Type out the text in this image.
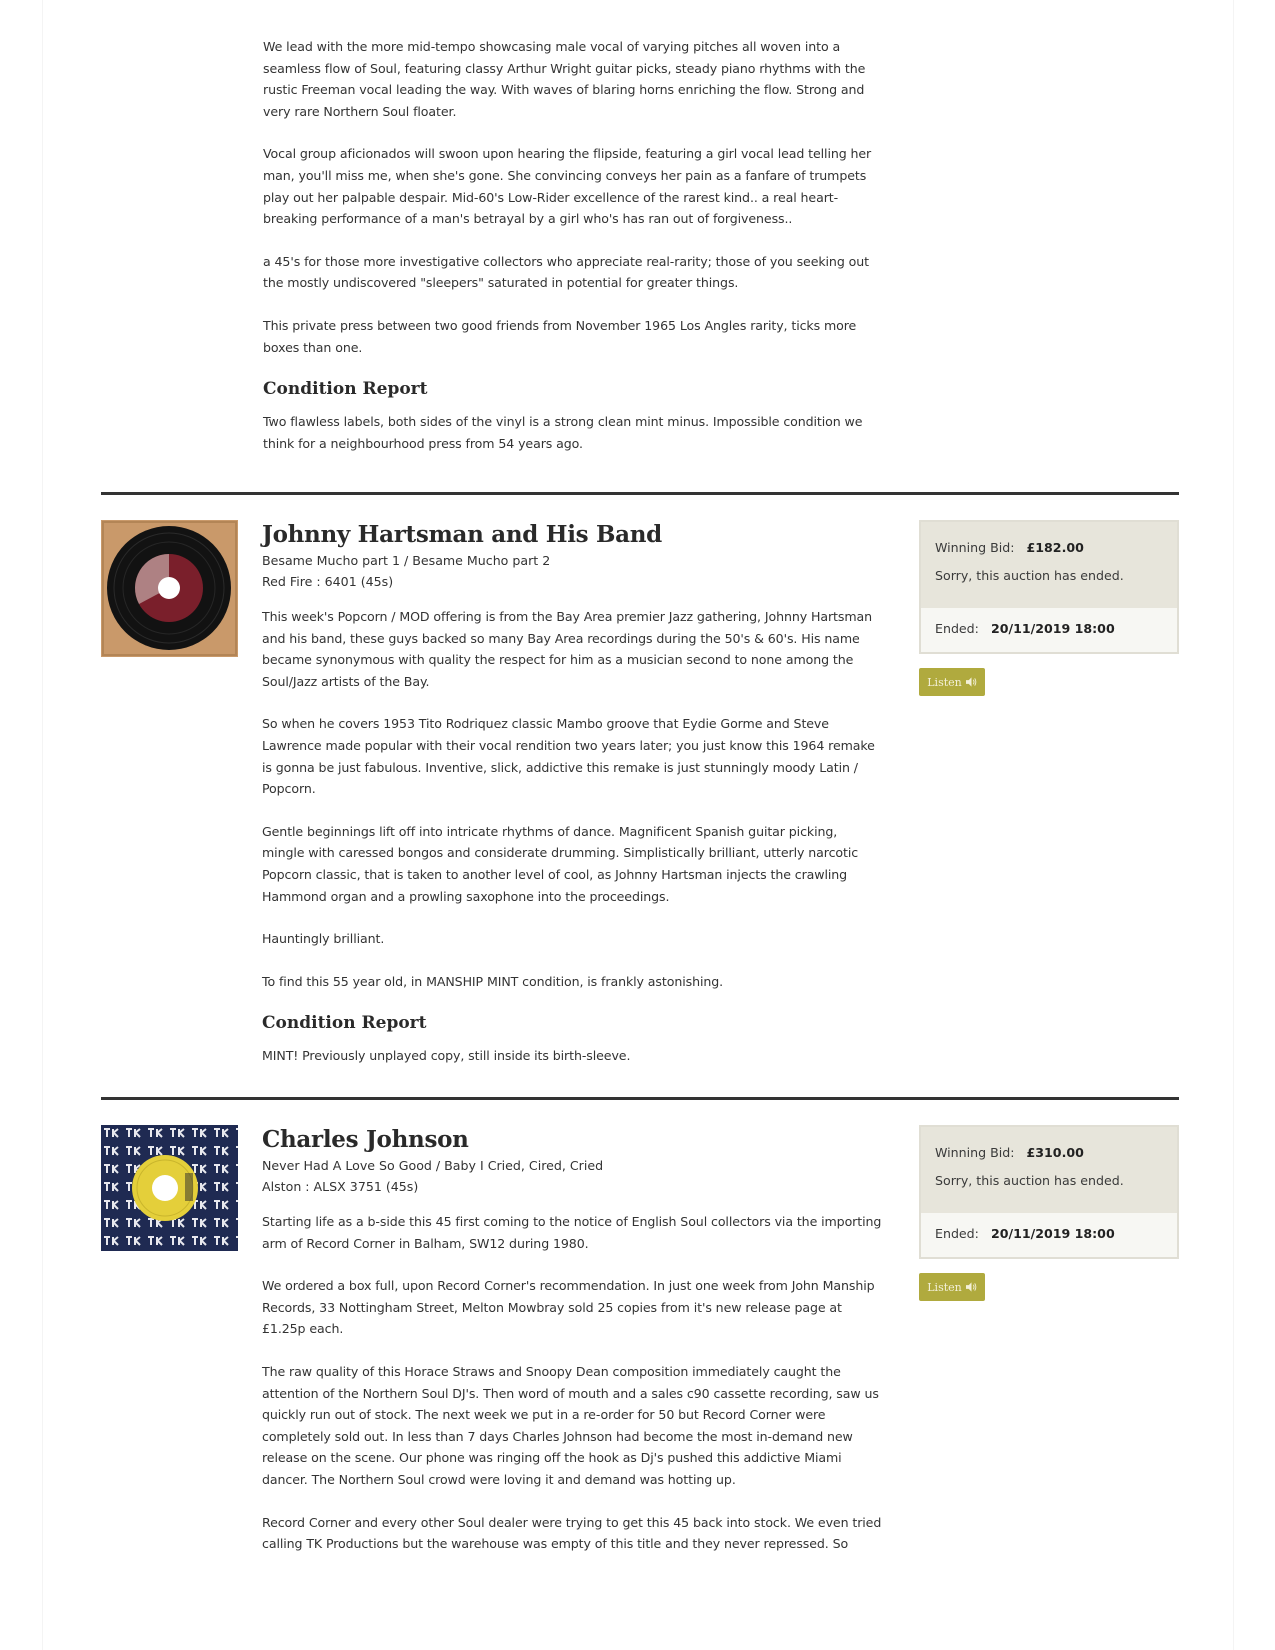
We lead with the more mid-tempo showcasing male vocal of varying pitches all woven into a seamless flow of Soul, featuring classy Arthur Wright guitar picks, steady piano rhythms with the rustic Freeman vocal leading the way. With waves of blaring horns enriching the flow. Strong and very rare Northern Soul floater.

Vocal group aficionados will swoon upon hearing the flipside, featuring a girl vocal lead telling her man, you'll miss me, when she's gone. She convincing conveys her pain as a fanfare of trumpets play out her palpable despair. Mid-60's Low-Rider excellence of the rarest kind.. a real heart-breaking performance of a man's betrayal by a girl who's has ran out of forgiveness..

a 45's for those more investigative collectors who appreciate real-rarity; those of you seeking out the mostly undiscovered "sleepers" saturated in potential for greater things.

This private press between two good friends from November 1965 Los Angles rarity, ticks more boxes than one.

Condition Report

Two flawless labels, both sides of the vinyl is a strong clean mint minus. Impossible condition we think for a neighbourhood press from 54 years ago.

Johnny Hartsman and His Band
Besame Mucho part 1 / Besame Mucho part 2
Red Fire : 6401 (45s)

This week's Popcorn / MOD offering is from the Bay Area premier Jazz gathering, Johnny Hartsman and his band, these guys backed so many Bay Area recordings during the 50's & 60's. His name became synonymous with quality the respect for him as a musician second to none among the Soul/Jazz artists of the Bay.

So when he covers 1953 Tito Rodriquez classic Mambo groove that Eydie Gorme and Steve Lawrence made popular with their vocal rendition two years later; you just know this 1964 remake is gonna be just fabulous. Inventive, slick, addictive this remake is just stunningly moody Latin / Popcorn.

Gentle beginnings lift off into intricate rhythms of dance. Magnificent Spanish guitar picking, mingle with caressed bongos and considerate drumming. Simplistically brilliant, utterly narcotic Popcorn classic, that is taken to another level of cool, as Johnny Hartsman injects the crawling Hammond organ and a prowling saxophone into the proceedings.

Hauntingly brilliant.

To find this 55 year old, in MANSHIP MINT condition, is frankly astonishing.

Condition Report

MINT! Previously unplayed copy, still inside its birth-sleeve.

Winning Bid: £182.00
Sorry, this auction has ended.
Ended: 20/11/2019 18:00
Listen
Charles Johnson
Never Had A Love So Good / Baby I Cried, Cired, Cried
Alston : ALSX 3751 (45s)

Starting life as a b-side this 45 first coming to the notice of English Soul collectors via the importing arm of Record Corner in Balham, SW12 during 1980.

We ordered a box full, upon Record Corner's recommendation. In just one week from John Manship Records, 33 Nottingham Street, Melton Mowbray sold 25 copies from it's new release page at £1.25p each.

The raw quality of this Horace Straws and Snoopy Dean composition immediately caught the attention of the Northern Soul DJ's. Then word of mouth and a sales c90 cassette recording, saw us quickly run out of stock. The next week we put in a re-order for 50 but Record Corner were completely sold out. In less than 7 days Charles Johnson had become the most in-demand new release on the scene. Our phone was ringing off the hook as Dj's pushed this addictive Miami dancer. The Northern Soul crowd were loving it and demand was hotting up.

Record Corner and every other Soul dealer were trying to get this 45 back into stock. We even tried calling TK Productions but the warehouse was empty of this title and they never repressed. So

Winning Bid: £310.00
Sorry, this auction has ended.
Ended: 20/11/2019 18:00
Listen
